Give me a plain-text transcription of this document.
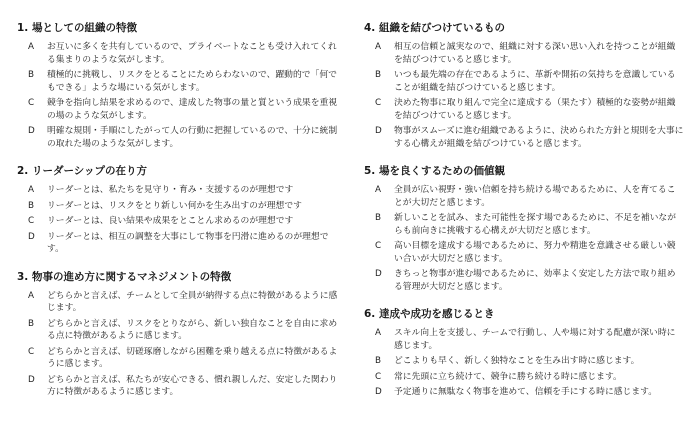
1. 場としての組織の特徴
A	お互いに多くを共有しているので、プライベートなことも受け入れてくれる集まりのような気がします。
B	積極的に挑戦し、リスクをとることにためらわないので、躍動的で「何でもできる」ような場にいる気がします。
C	競争を指向し結果を求めるので、達成した物事の量と質という成果を重視の場のような気がします。
D	明確な規則・手順にしたがって人の行動に把握しているので、十分に統制の取れた場のような気がします。
2. リーダーシップの在り方
A	リーダーとは、私たちを見守り・育み・支援するのが理想です
B	リーダーとは、リスクをとり新しい何かを生み出すのが理想です
C	リーダーとは、良い結果や成果をとことん求めるのが理想です
D	リーダーとは、相互の調整を大事にして物事を円滑に進めるのが理想です。
3. 物事の進め方に関するマネジメントの特徴
A	どちらかと言えば、チームとして全員が納得する点に特徴があるように感じます。
B	どちらかと言えば、リスクをとりながら、新しい独自なことを自由に求める点に特徴があるように感じます。
C	どちらかと言えば、切磋琢磨しながら困難を乗り越える点に特徴があるように感じます。
D	どちらかと言えば、私たちが安心できる、慣れ親しんだ、安定した関わり方に特徴があるように感じます。
4. 組織を結びつけているもの
A	相互の信頼と誠実なので、組織に対する深い思い入れを持つことが組織を結びつけていると感じます。
B	いつも最先端の存在であるように、革新や開拓の気持ちを意識していることが組織を結びつけていると感じます。
C	決めた物事に取り組んで完全に達成する（果たす）積極的な姿勢が組織を結びつけていると感じます。
D	物事がスムーズに進む組織であるように、決められた方針と規則を大事にする心構えが組織を結びつけていると感じます。
5. 場を良くするための価値観
A	全員が広い視野・強い信頼を持ち続ける場であるために、人を育てることが大切だと感じます。
B	新しいことを試み、また可能性を探す場であるために、不足を補いながらも前向きに挑戦する心構えが大切だと感じます。
C	高い目標を達成する場であるために、努力や精進を意識させる厳しい競い合いが大切だと感じます。
D	きちっと物事が進む場であるために、効率よく安定した方法で取り組める管理が大切だと感じます。
6. 達成や成功を感じるとき
A	スキル向上を支援し、チームで行動し、人や場に対する配慮が深い時に感じます。
B	どこよりも早く、新しく独特なことを生み出す時に感じます。
C	常に先頭に立ち続けて、競争に勝ち続ける時に感じます。
D	予定通りに無駄なく物事を進めて、信頼を手にする時に感じます。
